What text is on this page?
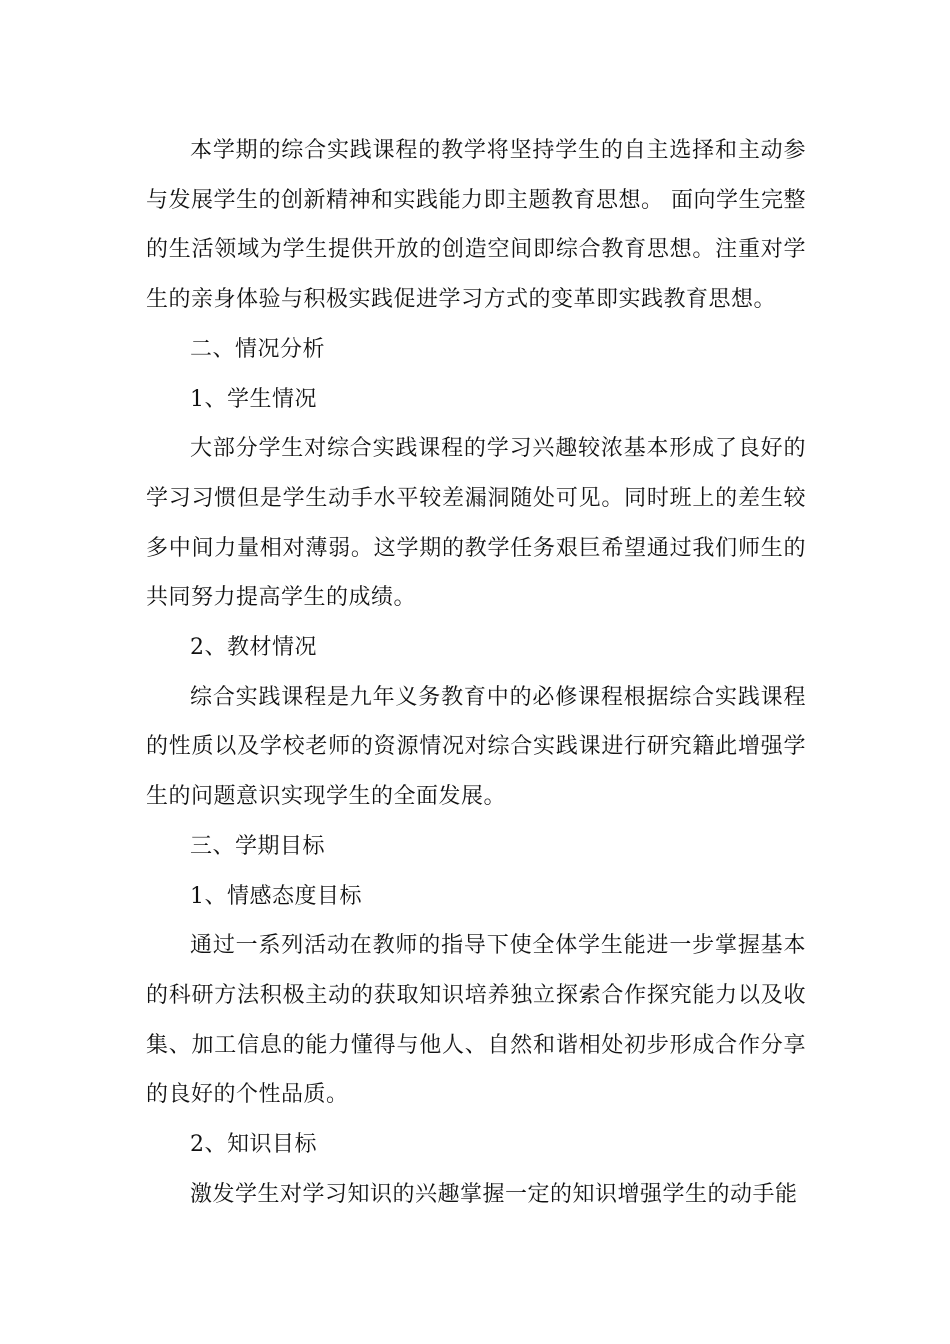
本学期的综合实践课程的教学将坚持学生的自主选择和主动参与发展学生的创新精神和实践能力即主题教育思想。 面向学生完整的生活领域为学生提供开放的创造空间即综合教育思想。注重对学生的亲身体验与积极实践促进学习方式的变革即实践教育思想。

二、情况分析

1、学生情况

大部分学生对综合实践课程的学习兴趣较浓基本形成了良好的学习习惯但是学生动手水平较差漏洞随处可见。同时班上的差生较多中间力量相对薄弱。这学期的教学任务艰巨希望通过我们师生的共同努力提高学生的成绩。

2、教材情况

综合实践课程是九年义务教育中的必修课程根据综合实践课程的性质以及学校老师的资源情况对综合实践课进行研究籍此增强学生的问题意识实现学生的全面发展。

三、学期目标

1、情感态度目标

通过一系列活动在教师的指导下使全体学生能进一步掌握基本的科研方法积极主动的获取知识培养独立探索合作探究能力以及收集、加工信息的能力懂得与他人、自然和谐相处初步形成合作分享的良好的个性品质。

2、知识目标

激发学生对学习知识的兴趣掌握一定的知识增强学生的动手能
